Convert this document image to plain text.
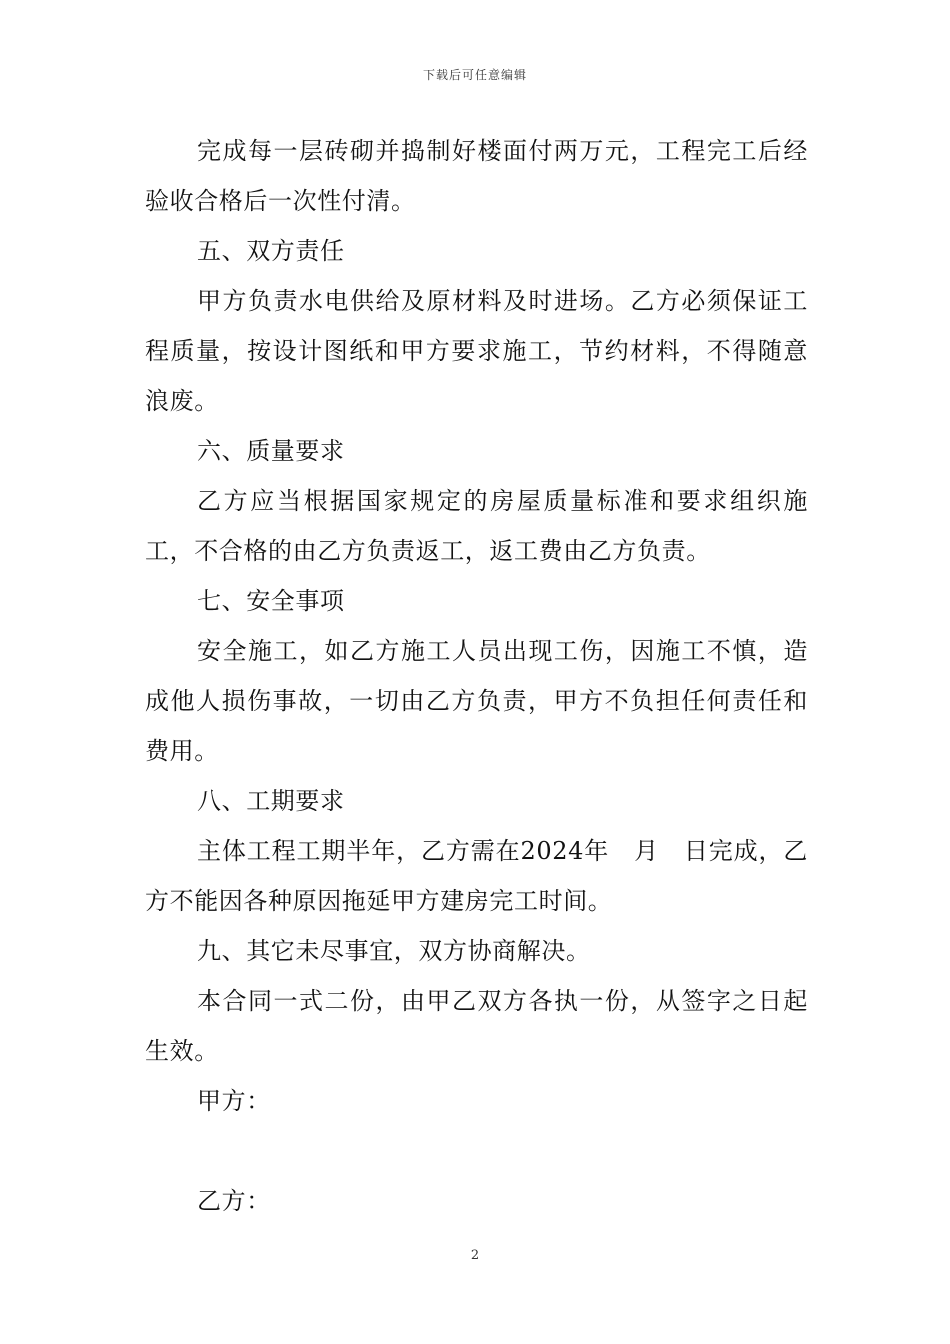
下载后可任意编辑

完成每一层砖砌并捣制好楼面付两万元，工程完工后经验收合格后一次性付清。

五、双方责任

甲方负责水电供给及原材料及时进场。乙方必须保证工程质量，按设计图纸和甲方要求施工，节约材料，不得随意浪废。

六、质量要求

乙方应当根据国家规定的房屋质量标准和要求组织施工，不合格的由乙方负责返工，返工费由乙方负责。

七、安全事项

安全施工，如乙方施工人员出现工伤，因施工不慎，造成他人损伤事故，一切由乙方负责，甲方不负担任何责任和费用。

八、工期要求

主体工程工期半年，乙方需在2024年　月　日完成，乙方不能因各种原因拖延甲方建房完工时间。

九、其它未尽事宜，双方协商解决。

本合同一式二份，由甲乙双方各执一份，从签字之日起生效。

甲方：

乙方：

2
